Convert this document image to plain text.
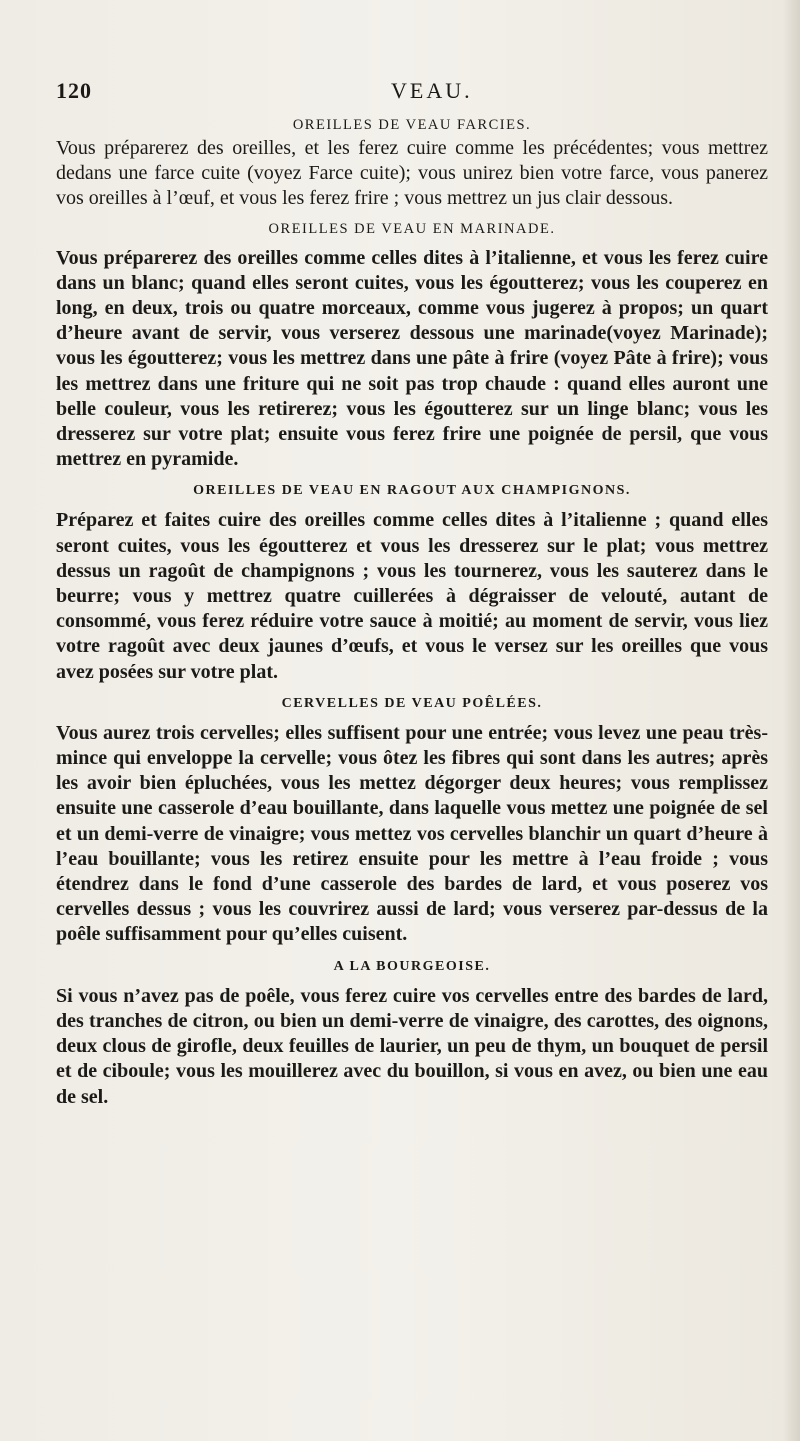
120	VEAU.
OREILLES DE VEAU FARCIES.

Vous préparerez des oreilles, et les ferez cuire comme les précédentes; vous mettrez dedans une farce cuite (voyez Farce cuite); vous unirez bien votre farce, vous panerez vos oreilles à l’œuf, et vous les ferez frire ; vous mettrez un jus clair dessous.

OREILLES DE VEAU EN MARINADE.

Vous préparerez des oreilles comme celles dites à l’italienne, et vous les ferez cuire dans un blanc; quand elles seront cuites, vous les égoutterez; vous les couperez en long, en deux, trois ou quatre morceaux, comme vous jugerez à propos; un quart d’heure avant de servir, vous verserez dessous une marinade(voyez Marinade); vous les égoutterez; vous les mettrez dans une pâte à frire (voyez Pâte à frire); vous les mettrez dans une friture qui ne soit pas trop chaude : quand elles auront une belle couleur, vous les retirerez; vous les égoutterez sur un linge blanc; vous les dresserez sur votre plat; ensuite vous ferez frire une poignée de persil, que vous mettrez en pyramide.

OREILLES DE VEAU EN RAGOUT AUX CHAMPIGNONS.

Préparez et faites cuire des oreilles comme celles dites à l’italienne ; quand elles seront cuites, vous les égoutterez et vous les dresserez sur le plat; vous mettrez dessus un ragoût de champignons ; vous les tournerez, vous les sauterez dans le beurre; vous y mettrez quatre cuillerées à dégraisser de velouté, autant de consommé, vous ferez réduire votre sauce à moitié; au moment de servir, vous liez votre ragoût avec deux jaunes d’œufs, et vous le versez sur les oreilles que vous avez posées sur votre plat.

CERVELLES DE VEAU POÊLÉES.

Vous aurez trois cervelles; elles suffisent pour une entrée; vous levez une peau très-mince qui enveloppe la cervelle; vous ôtez les fibres qui sont dans les autres; après les avoir bien épluchées, vous les mettez dégorger deux heures; vous remplissez ensuite une casserole d’eau bouillante, dans laquelle vous mettez une poignée de sel et un demi-verre de vinaigre; vous mettez vos cervelles blanchir un quart d’heure à l’eau bouillante; vous les retirez ensuite pour les mettre à l’eau froide ; vous étendrez dans le fond d’une casserole des bardes de lard, et vous poserez vos cervelles dessus ; vous les couvrirez aussi de lard; vous verserez par-dessus de la poêle suffisamment pour qu’elles cuisent.

A LA BOURGEOISE.

Si vous n’avez pas de poêle, vous ferez cuire vos cervelles entre des bardes de lard, des tranches de citron, ou bien un demi-verre de vinaigre, des carottes, des oignons, deux clous de girofle, deux feuilles de laurier, un peu de thym, un bouquet de persil et de ciboule; vous les mouillerez avec du bouillon, si vous en avez, ou bien une eau de sel.
